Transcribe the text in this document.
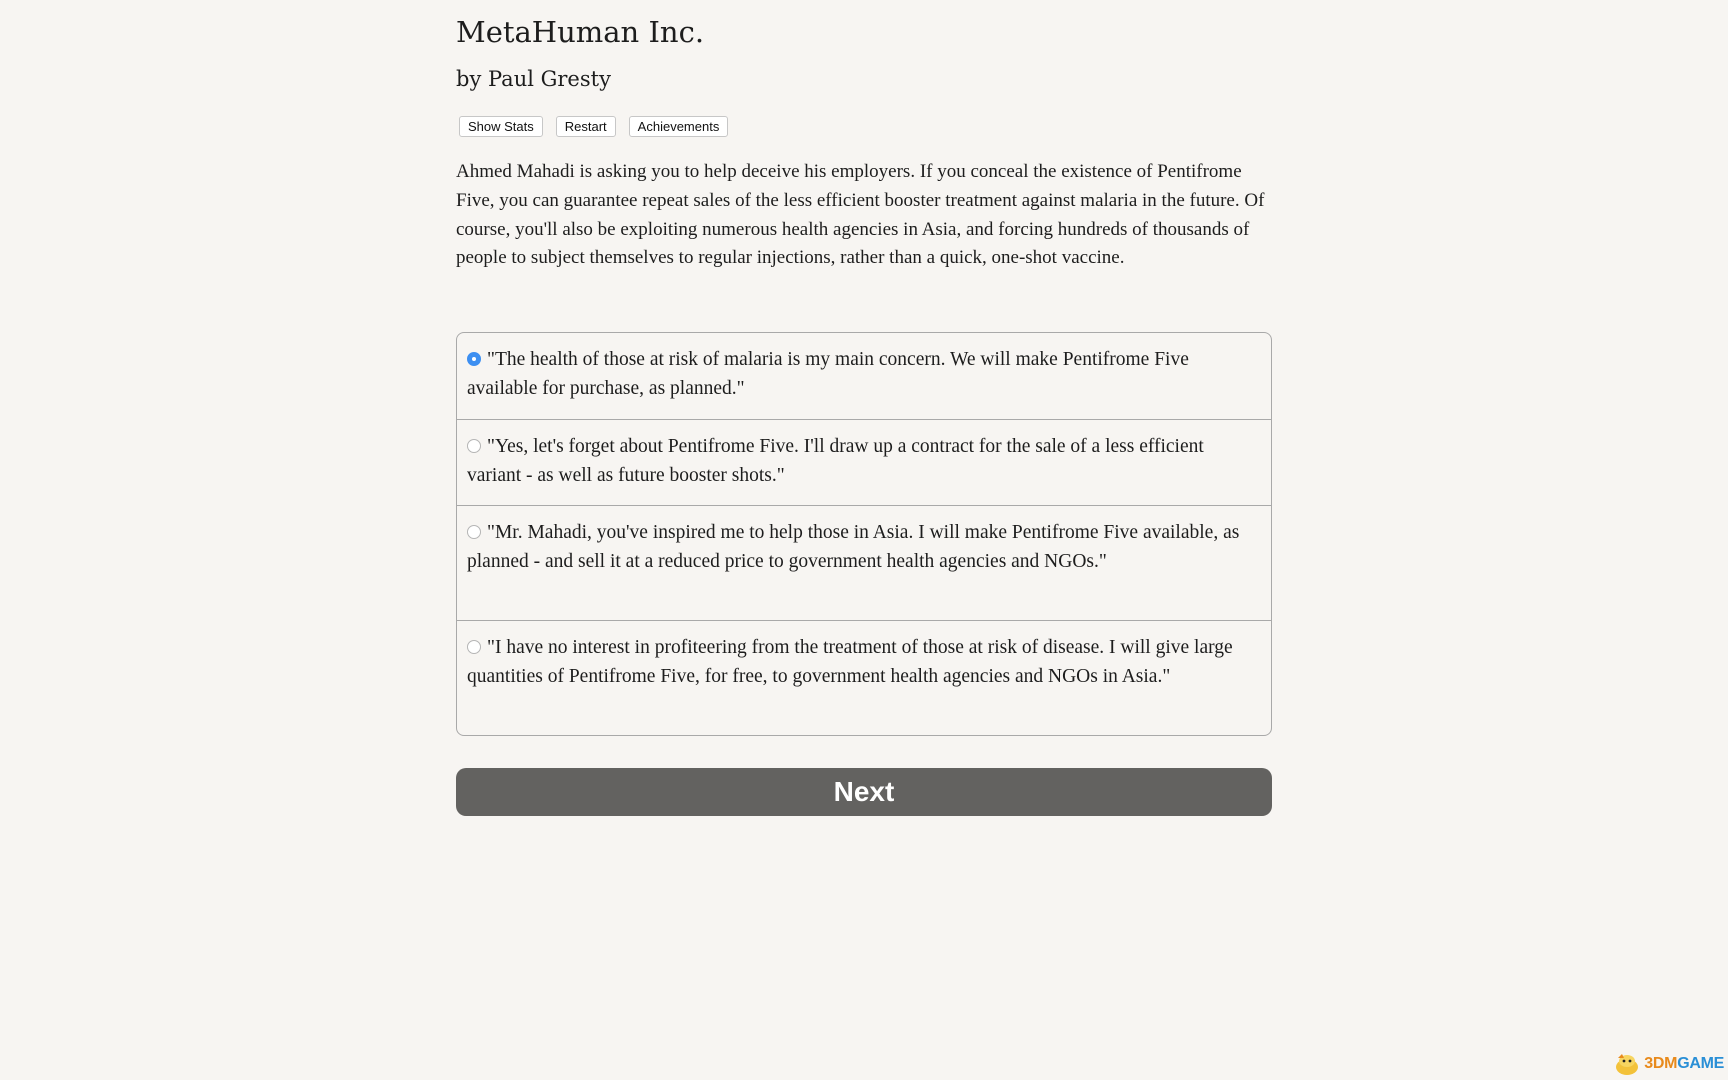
MetaHuman Inc.
by Paul Gresty
Show Stats	Restart	Achievements

Ahmed Mahadi is asking you to help deceive his employers. If you conceal the existence of Pentifrome Five, you can guarantee repeat sales of the less efficient booster treatment against malaria in the future. Of course, you'll also be exploiting numerous health agencies in Asia, and forcing hundreds of thousands of people to subject themselves to regular injections, rather than a quick, one-shot vaccine.

"The health of those at risk of malaria is my main concern. We will make Pentifrome Five available for purchase, as planned."
"Yes, let's forget about Pentifrome Five. I'll draw up a contract for the sale of a less efficient variant - as well as future booster shots."
"Mr. Mahadi, you've inspired me to help those in Asia. I will make Pentifrome Five available, as planned - and sell it at a reduced price to government health agencies and NGOs."
"I have no interest in profiteering from the treatment of those at risk of disease. I will give large quantities of Pentifrome Five, for free, to government health agencies and NGOs in Asia."
Next
3DMGAME
